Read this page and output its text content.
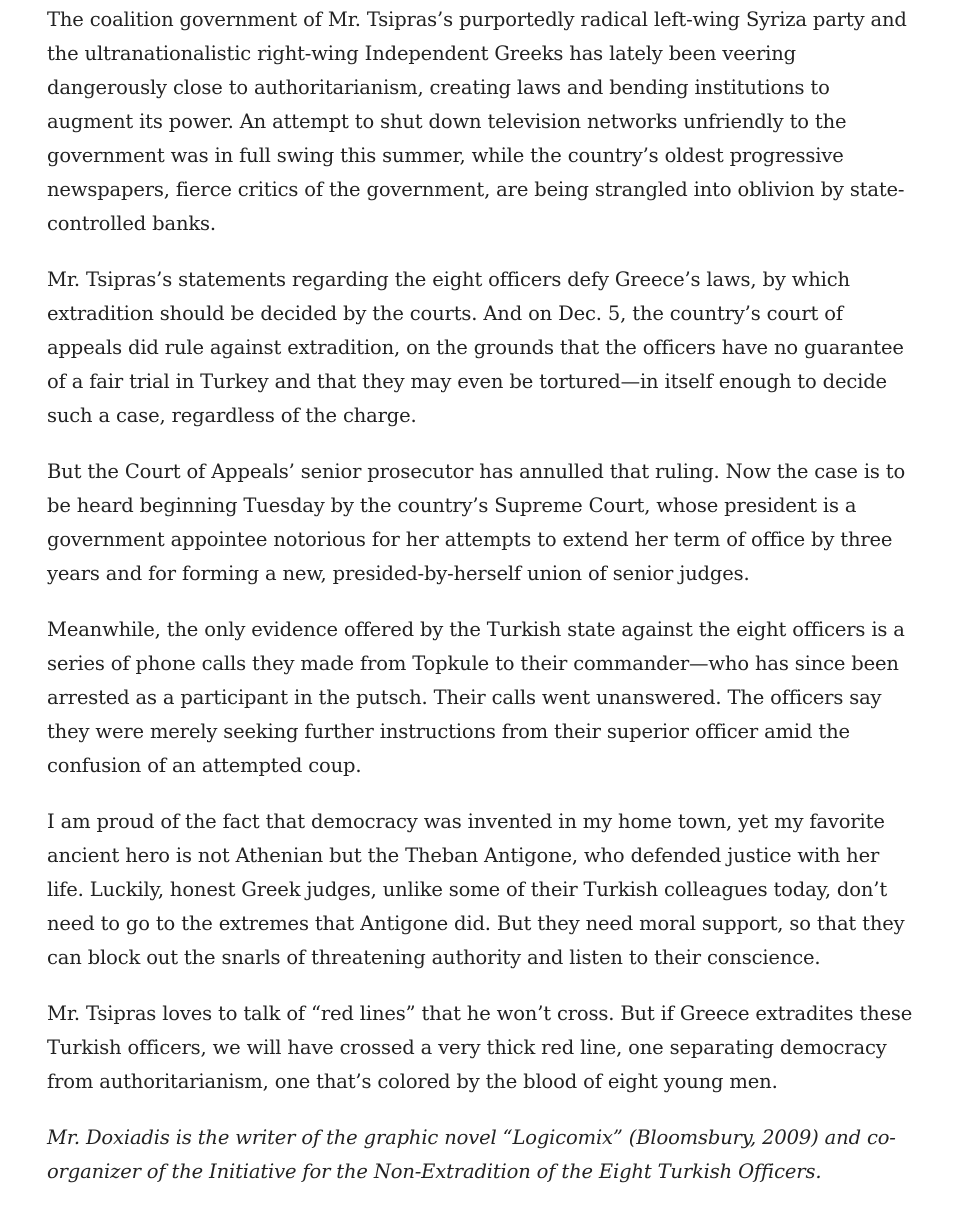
The coalition government of Mr. Tsipras’s purportedly radical left-wing Syriza party and the ultranationalistic right-wing Independent Greeks has lately been veering dangerously close to authoritarianism, creating laws and bending institutions to augment its power. An attempt to shut down television networks unfriendly to the government was in full swing this summer, while the country’s oldest progressive newspapers, fierce critics of the government, are being strangled into oblivion by state-controlled banks.

Mr. Tsipras’s statements regarding the eight officers defy Greece’s laws, by which extradition should be decided by the courts. And on Dec. 5, the country’s court of appeals did rule against extradition, on the grounds that the officers have no guarantee of a fair trial in Turkey and that they may even be tortured—in itself enough to decide such a case, regardless of the charge.

But the Court of Appeals’ senior prosecutor has annulled that ruling. Now the case is to be heard beginning Tuesday by the country’s Supreme Court, whose president is a government appointee notorious for her attempts to extend her term of office by three years and for forming a new, presided-by-herself union of senior judges.

Meanwhile, the only evidence offered by the Turkish state against the eight officers is a series of phone calls they made from Topkule to their commander—who has since been arrested as a participant in the putsch. Their calls went unanswered. The officers say they were merely seeking further instructions from their superior officer amid the confusion of an attempted coup.

I am proud of the fact that democracy was invented in my home town, yet my favorite ancient hero is not Athenian but the Theban Antigone, who defended justice with her life. Luckily, honest Greek judges, unlike some of their Turkish colleagues today, don’t need to go to the extremes that Antigone did. But they need moral support, so that they can block out the snarls of threatening authority and listen to their conscience.

Mr. Tsipras loves to talk of “red lines” that he won’t cross. But if Greece extradites these Turkish officers, we will have crossed a very thick red line, one separating democracy from authoritarianism, one that’s colored by the blood of eight young men.

Mr. Doxiadis is the writer of the graphic novel “Logicomix” (Bloomsbury, 2009) and co-organizer of the Initiative for the Non-Extradition of the Eight Turkish Officers.
